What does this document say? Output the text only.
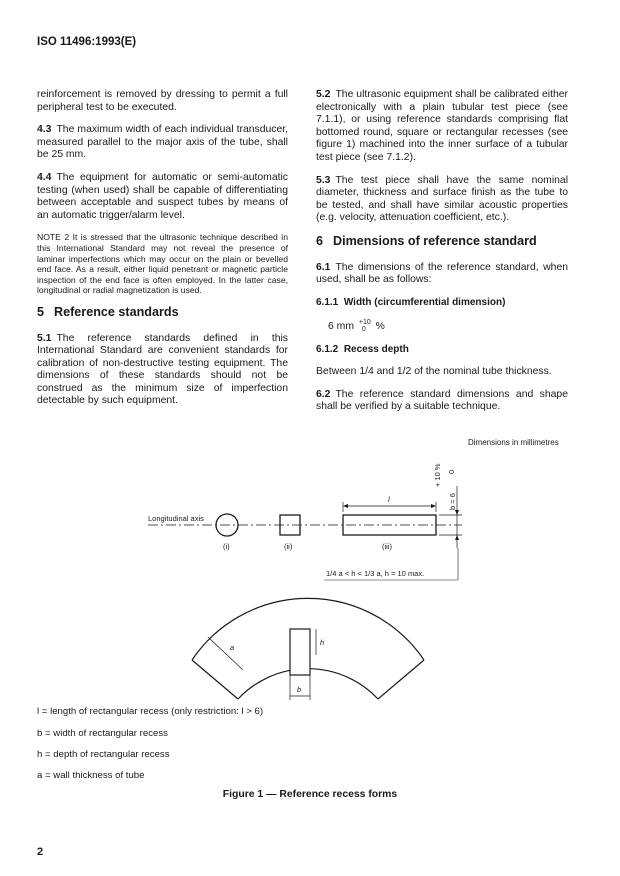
ISO 11496:1993(E)

reinforcement is removed by dressing to permit a full peripheral test to be executed.

4.3 The maximum width of each individual transducer, measured parallel to the major axis of the tube, shall be 25 mm.

4.4 The equipment for automatic or semi-automatic testing (when used) shall be capable of differentiating between acceptable and suspect tubes by means of an automatic trigger/alarm level.

NOTE 2 It is stressed that the ultrasonic technique described in this International Standard may not reveal the presence of laminar imperfections which may occur on the plain or bevelled end face. As a result, either liquid penetrant or magnetic particle inspection of the end face is often employed. In the latter case, longitudinal or radial magnetization is used.

5 Reference standards

5.1 The reference standards defined in this International Standard are convenient standards for calibration of non-destructive testing equipment. The dimensions of these standards should not be construed as the minimum size of imperfection detectable by such equipment.

5.2 The ultrasonic equipment shall be calibrated either electronically with a plain tubular test piece (see 7.1.1), or using reference standards comprising flat bottomed round, square or rectangular recesses (see figure 1) machined into the inner surface of a tubular test piece (see 7.1.2).

5.3 The test piece shall have the same nominal diameter, thickness and surface finish as the tube to be tested, and shall have similar acoustic properties (e.g. velocity, attenuation coefficient, etc.).

6 Dimensions of reference standard

6.1 The dimensions of the reference standard, when used, shall be as follows:

6.1.1 Width (circumferential dimension)

6 mm +10
0 %

6.1.2 Recess depth

Between 1/4 and 1/2 of the nominal tube thickness.

6.2 The reference standard dimensions and shape shall be verified by a suitable technique.

Dimensions in millimetres
Longitudinal axis
(i)	(ii)	(iii)
l	b = 6
+ 10 % 0
1/4 a < h < 1/3 a, h = 10 max.
a
h
b
l = length of rectangular recess (only restriction: l > 6)
b = width of rectangular recess
h = depth of rectangular recess
a = wall thickness of tube
Figure 1 — Reference recess forms
2
